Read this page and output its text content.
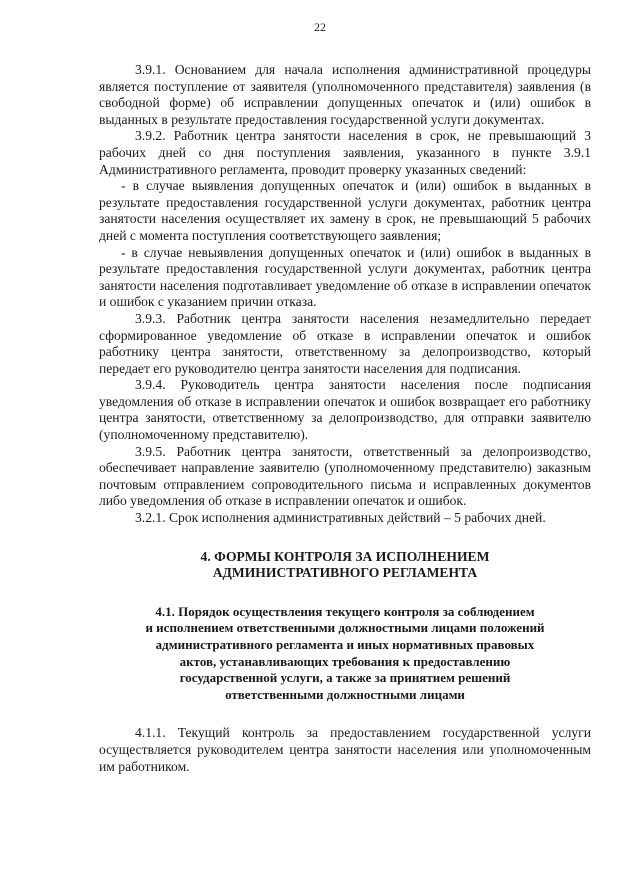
22

3.9.1. Основанием для начала исполнения административной процедуры является поступление от заявителя (уполномоченного представителя) заявления (в свободной форме) об исправлении допущенных опечаток и (или) ошибок в выданных в результате предоставления государственной услуги документах.

3.9.2. Работник центра занятости населения в срок, не превышающий 3 рабочих дней со дня поступления заявления, указанного в пункте 3.9.1 Административного регламента, проводит проверку указанных сведений:

- в случае выявления допущенных опечаток и (или) ошибок в выданных в результате предоставления государственной услуги документах, работник центра занятости населения осуществляет их замену в срок, не превышающий 5 рабочих дней с момента поступления соответствующего заявления;

- в случае невыявления допущенных опечаток и (или) ошибок в выданных в результате предоставления государственной услуги документах, работник центра занятости населения подготавливает уведомление об отказе в исправлении опечаток и ошибок с указанием причин отказа.

3.9.3. Работник центра занятости населения незамедлительно передает сформированное уведомление об отказе в исправлении опечаток и ошибок работнику центра занятости, ответственному за делопроизводство, который передает его руководителю центра занятости населения для подписания.

3.9.4. Руководитель центра занятости населения после подписания уведомления об отказе в исправлении опечаток и ошибок возвращает его работнику центра занятости, ответственному за делопроизводство, для отправки заявителю (уполномоченному представителю).

3.9.5. Работник центра занятости, ответственный за делопроизводство, обеспечивает направление заявителю (уполномоченному представителю) заказным почтовым отправлением сопроводительного письма и исправленных документов либо уведомления об отказе в исправлении опечаток и ошибок.

3.2.1. Срок исполнения административных действий – 5 рабочих дней.

4. ФОРМЫ КОНТРОЛЯ ЗА ИСПОЛНЕНИЕМ
АДМИНИСТРАТИВНОГО РЕГЛАМЕНТА
4.1. Порядок осуществления текущего контроля за соблюдением
и исполнением ответственными должностными лицами положений
административного регламента и иных нормативных правовых
актов, устанавливающих требования к предоставлению
государственной услуги, а также за принятием решений
ответственными должностными лицами

4.1.1. Текущий контроль за предоставлением государственной услуги осуществляется руководителем центра занятости населения или уполномоченным им работником.
